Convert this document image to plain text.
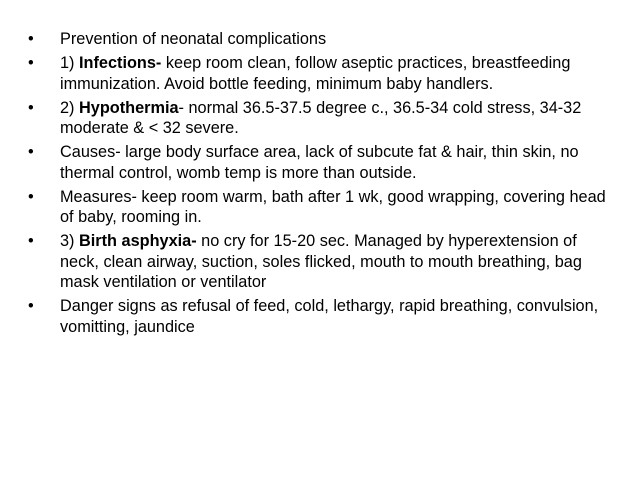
•	Prevention of neonatal complications
•	1) Infections- keep room clean, follow aseptic practices, breastfeeding immunization. Avoid bottle feeding, minimum baby handlers.
•	2) Hypothermia- normal 36.5-37.5 degree c., 36.5-34 cold stress, 34-32 moderate & < 32 severe.
•	Causes- large body surface area, lack of subcute fat & hair, thin skin, no thermal control, womb temp is more than outside.
•	Measures- keep room warm, bath after 1 wk, good wrapping, covering head of baby, rooming in.
•	3) Birth asphyxia- no cry for 15-20 sec. Managed by hyperextension of neck, clean airway, suction, soles flicked, mouth to mouth breathing, bag mask ventilation or ventilator
•	Danger signs as refusal of feed, cold, lethargy, rapid breathing, convulsion, vomitting, jaundice
